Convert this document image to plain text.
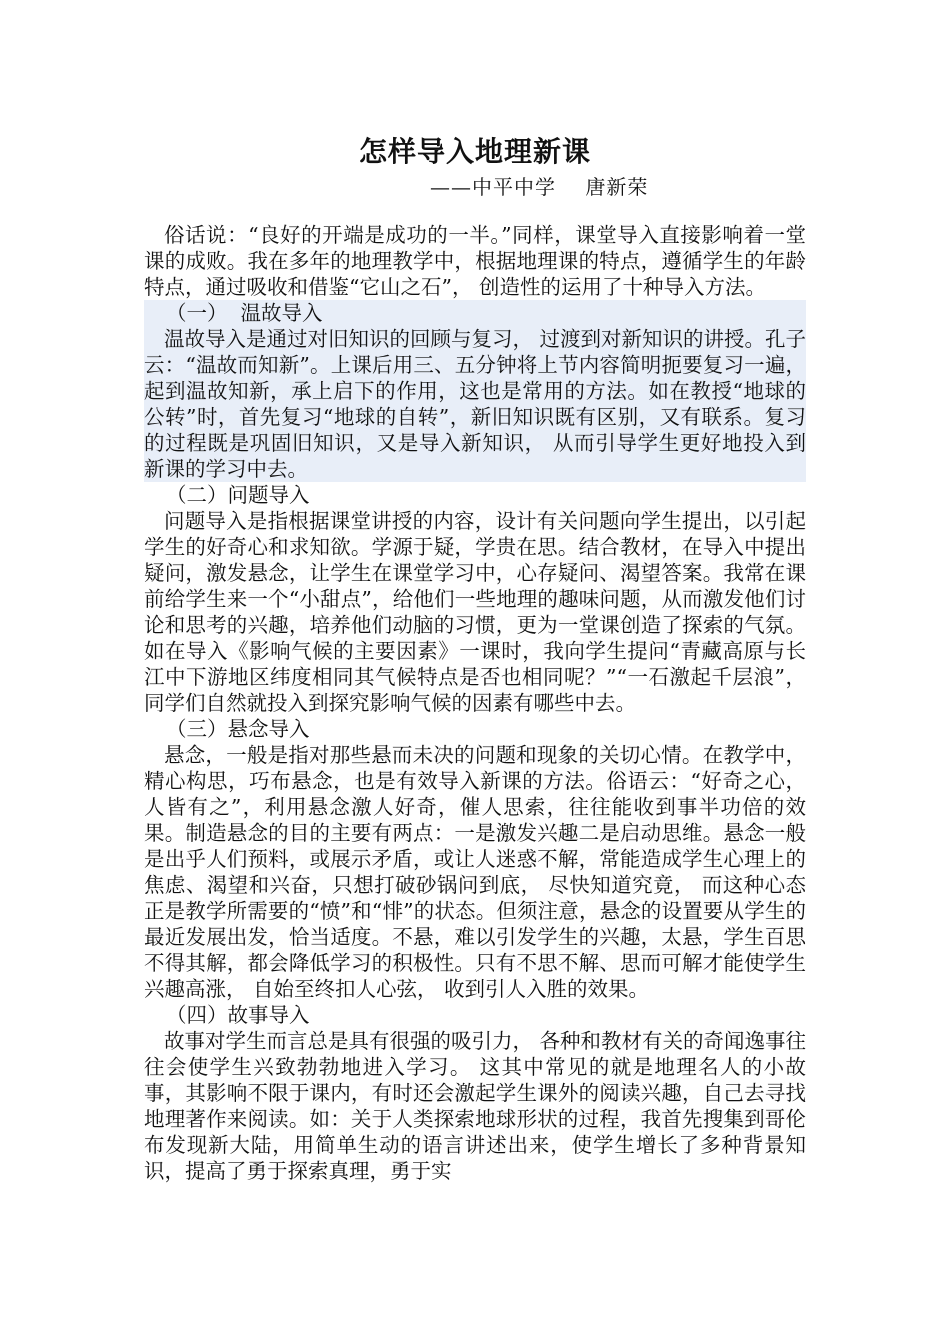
怎样导入地理新课
——中平中学    唐新荣

俗话说：“良好的开端是成功的一半。”同样，课堂导入直接影响着一堂课的成败。我在多年的地理教学中，根据地理课的特点，遵循学生的年龄特点，通过吸收和借鉴“它山之石”， 创造性的运用了十种导入方法。

（一）  温故导入

温故导入是通过对旧知识的回顾与复习， 过渡到对新知识的讲授。孔子云：“温故而知新”。上课后用三、五分钟将上节内容简明扼要复习一遍，起到温故知新，承上启下的作用，这也是常用的方法。如在教授“地球的公转”时，首先复习“地球的自转”，新旧知识既有区别，又有联系。复习的过程既是巩固旧知识，又是导入新知识， 从而引导学生更好地投入到新课的学习中去。

（二）问题导入

问题导入是指根据课堂讲授的内容，设计有关问题向学生提出，以引起学生的好奇心和求知欲。学源于疑，学贵在思。结合教材，在导入中提出疑问，激发悬念，让学生在课堂学习中，心存疑问、渴望答案。我常在课前给学生来一个“小甜点”，给他们一些地理的趣味问题，从而激发他们讨论和思考的兴趣，培养他们动脑的习惯，更为一堂课创造了探索的气氛。如在导入《影响气候的主要因素》一课时，我向学生提问“青藏高原与长江中下游地区纬度相同其气候特点是否也相同呢？”“一石激起千层浪”， 同学们自然就投入到探究影响气候的因素有哪些中去。

（三）悬念导入

悬念，一般是指对那些悬而未决的问题和现象的关切心情。在教学中，精心构思，巧布悬念，也是有效导入新课的方法。俗语云：“好奇之心，人皆有之”，利用悬念激人好奇，催人思索，往往能收到事半功倍的效果。制造悬念的目的主要有两点：一是激发兴趣二是启动思维。悬念一般是出乎人们预料，或展示矛盾，或让人迷惑不解，常能造成学生心理上的焦虑、渴望和兴奋，只想打破砂锅问到底， 尽快知道究竟， 而这种心态正是教学所需要的“愤”和“悱”的状态。但须注意，悬念的设置要从学生的最近发展出发，恰当适度。不悬，难以引发学生的兴趣，太悬，学生百思不得其解，都会降低学习的积极性。只有不思不解、思而可解才能使学生兴趣高涨， 自始至终扣人心弦， 收到引人入胜的效果。

（四）故事导入

故事对学生而言总是具有很强的吸引力， 各种和教材有关的奇闻逸事往往会使学生兴致勃勃地进入学习。 这其中常见的就是地理名人的小故事，其影响不限于课内，有时还会激起学生课外的阅读兴趣，自己去寻找地理著作来阅读。如：关于人类探索地球形状的过程，我首先搜集到哥伦布发现新大陆，用简单生动的语言讲述出来，使学生增长了多种背景知识，提高了勇于探索真理，勇于实
